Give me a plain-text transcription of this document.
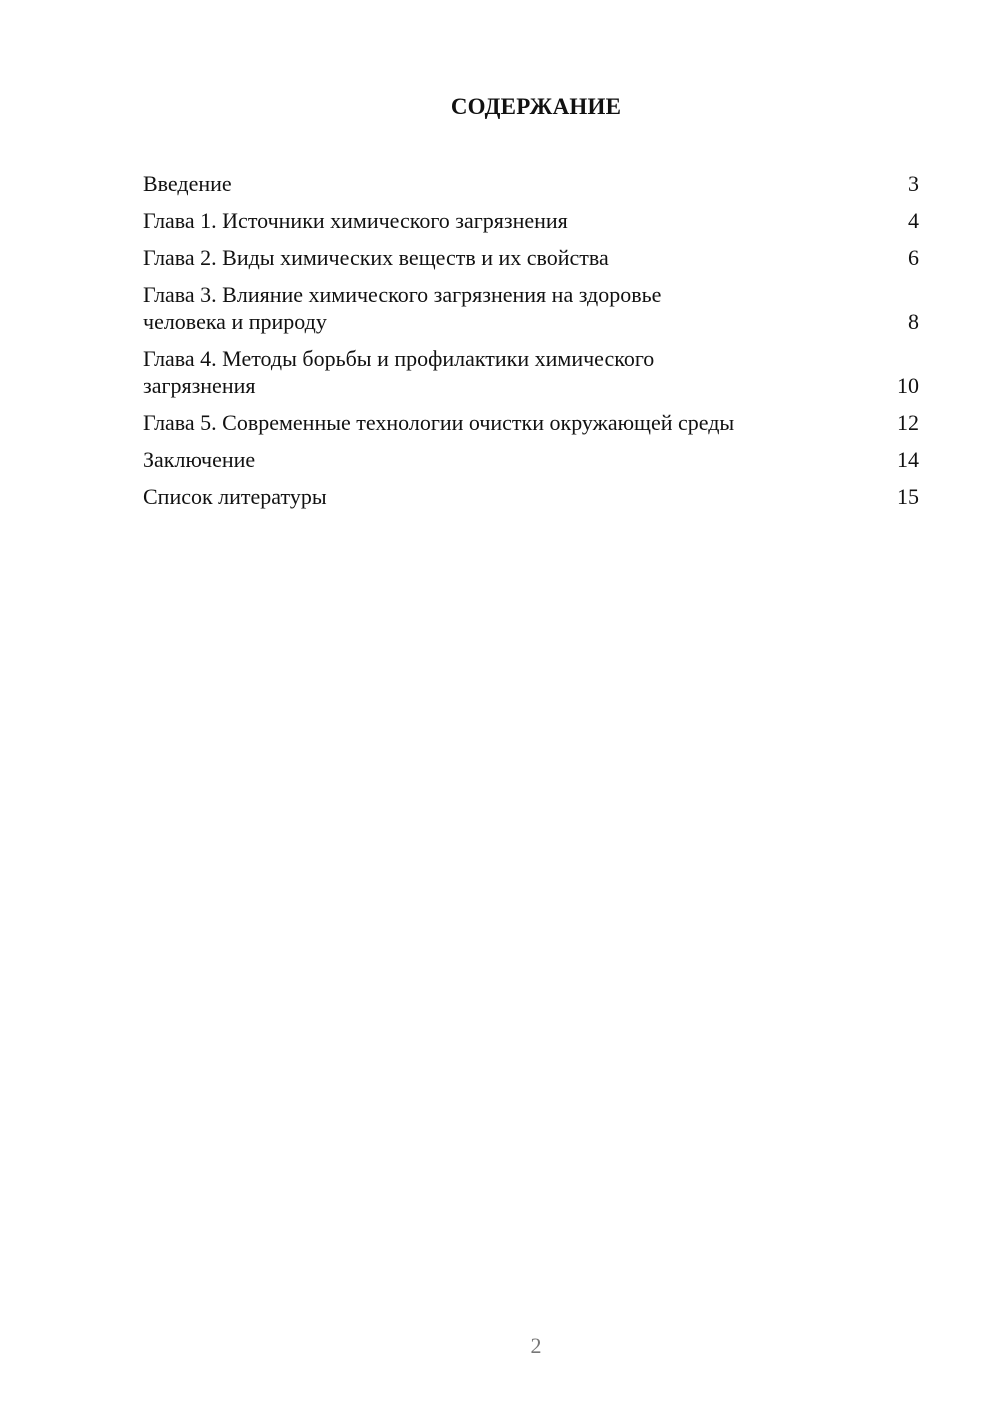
СОДЕРЖАНИЕ
Введение	3
Глава 1. Источники химического загрязнения	4
Глава 2. Виды химических веществ и их свойства	6
Глава 3. Влияние химического загрязнения на здоровье человека и природу	8
Глава 4. Методы борьбы и профилактики химического загрязнения	10
Глава 5. Современные технологии очистки окружающей среды	12
Заключение	14
Список литературы	15
2
